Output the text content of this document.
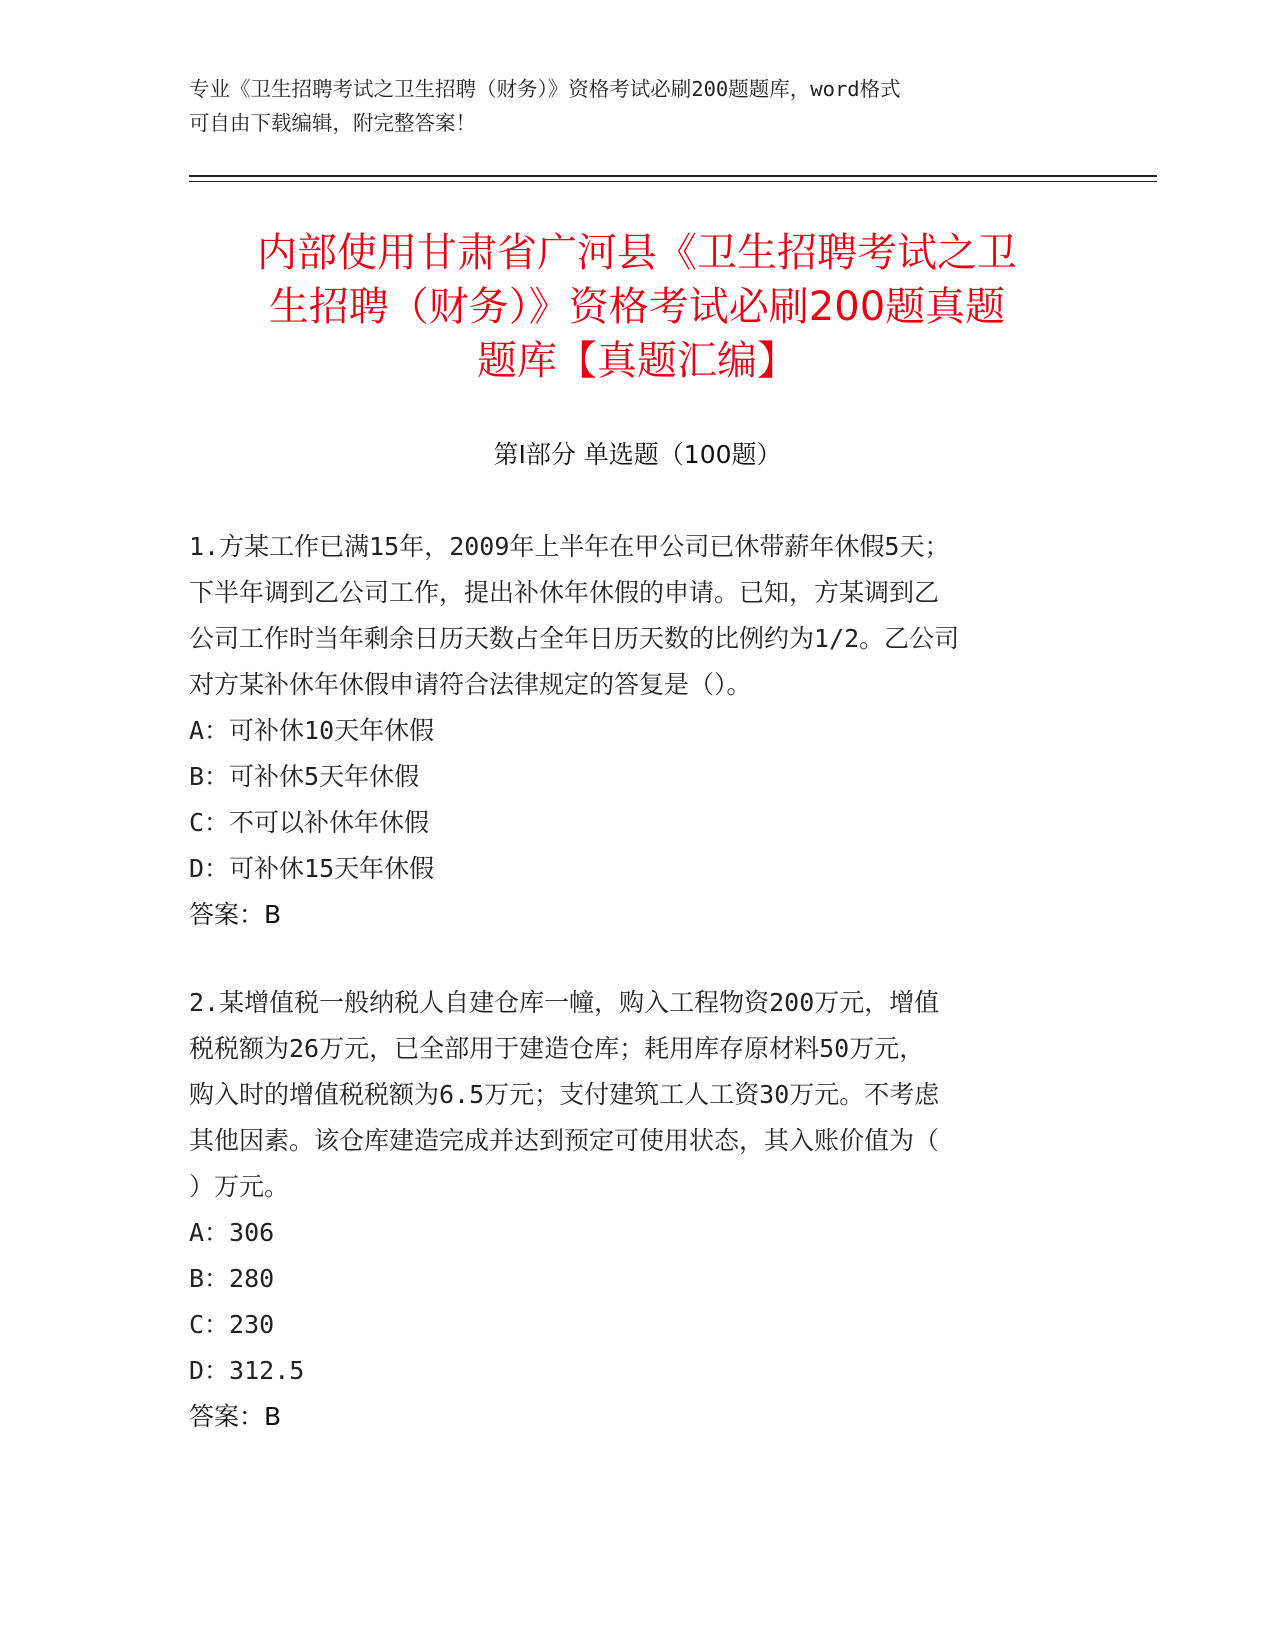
专业《卫生招聘考试之卫生招聘（财务）》资格考试必刷200题题库，word格式
可自由下载编辑，附完整答案！
内部使用甘肃省广河县《卫生招聘考试之卫
生招聘（财务）》资格考试必刷200题真题
题库【真题汇编】
第Ⅰ部分 单选题（100题）
1.方某工作已满15年，2009年上半年在甲公司已休带薪年休假5天；
下半年调到乙公司工作，提出补休年休假的申请。已知，方某调到乙
公司工作时当年剩余日历天数占全年日历天数的比例约为1/2。乙公司
对方某补休年休假申请符合法律规定的答复是（）。
A：可补休10天年休假
B：可补休5天年休假
C：不可以补休年休假
D：可补休15天年休假
答案：B
2.某增值税一般纳税人自建仓库一幢，购入工程物资200万元，增值
税税额为26万元，已全部用于建造仓库；耗用库存原材料50万元，
购入时的增值税税额为6.5万元；支付建筑工人工资30万元。不考虑
其他因素。该仓库建造完成并达到预定可使用状态，其入账价值为（
）万元。
A：306
B：280
C：230
D：312.5
答案：B
